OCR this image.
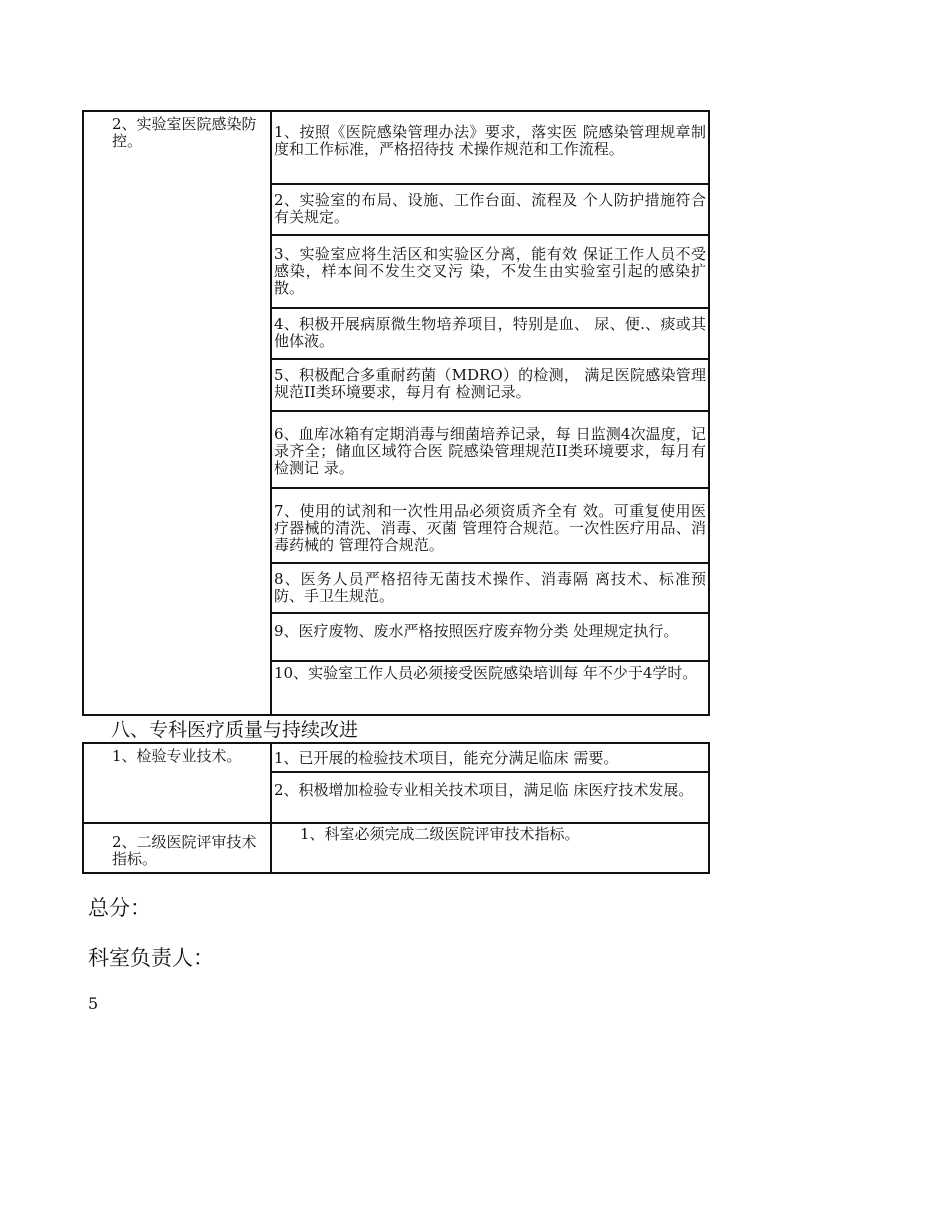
2、实验室医院感染防控。	1、按照《医院感染管理办法》要求，落实医 院感染管理规章制度和工作标准，严格招待技 术操作规范和工作流程。

	2、实验室的布局、设施、工作台面、流程及 个人防护措施符合有关规定。

	3、实验室应将生活区和实验区分离，能有效 保证工作人员不受感染，样本间不发生交叉污 染，不发生由实验室引起的感染扩散。

	4、积极开展病原微生物培养项目，特别是血、 尿、便.、痰或其他体液。

	5、积极配合多重耐药菌（MDRO）的检测， 满足医院感染管理规范II类环境要求，每月有 检测记录。

	6、血库冰箱有定期消毒与细菌培养记录，每 日监测4次温度，记录齐全；储血区域符合医 院感染管理规范II类环境要求，每月有检测记 录。

	7、使用的试剂和一次性用品必须资质齐全有 效。可重复使用医疗器械的清洗、消毒、灭菌 管理符合规范。一次性医疗用品、消毒药械的 管理符合规范。

	8、医务人员严格招待无菌技术操作、消毒隔 离技术、标准预防、手卫生规范。

	9、医疗废物、废水严格按照医疗废弃物分类 处理规定执行。

	10、实验室工作人员必须接受医院感染培训每 年不少于4学时。

八、专科医疗质量与持续改进	

1、检验专业技术。	1、已开展的检验技术项目，能充分满足临床 需要。

	2、积极增加检验专业相关技术项目，满足临 床医疗技术发展。

2、二级医院评审技术指标。	1、科室必须完成二级医院评审技术指标。
总分：
科室负责人：
5
